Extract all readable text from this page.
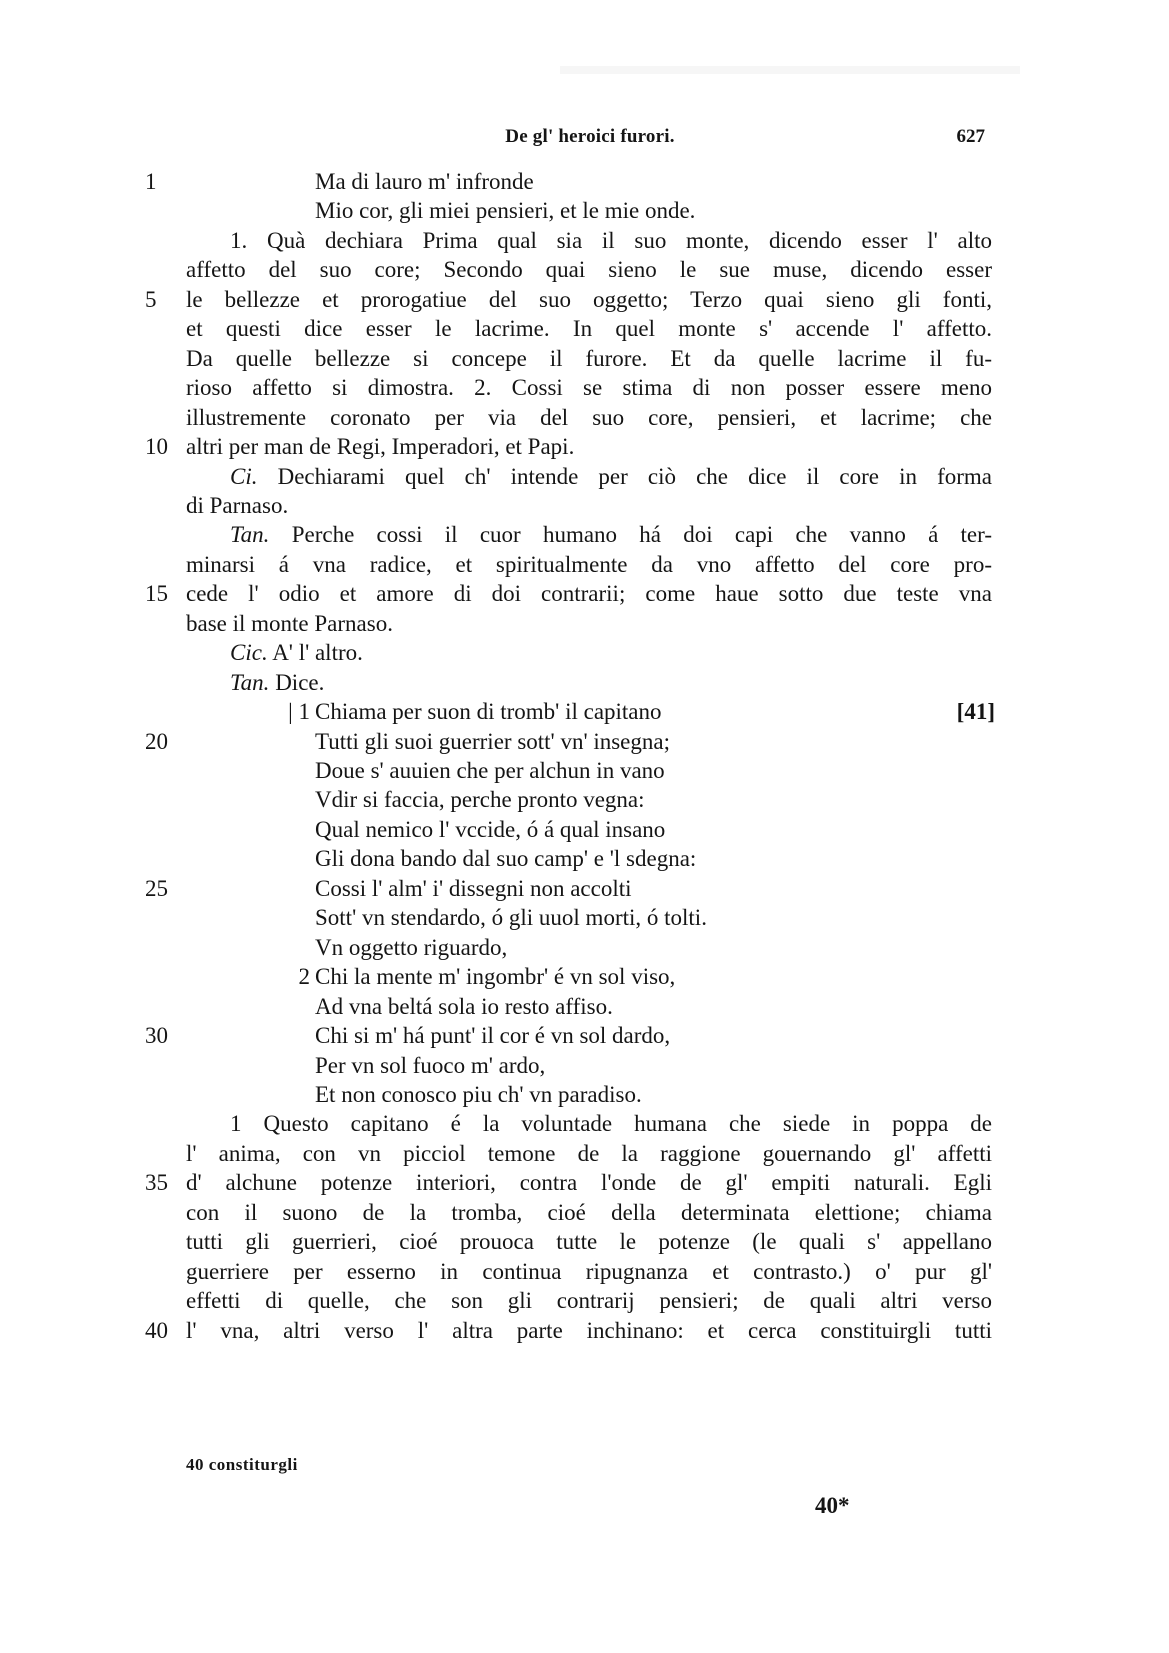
De gl' heroici furori.	627
1	Ma di lauro m' infronde
Mio cor, gli miei pensieri, et le mie onde.
1. Quà dechiara Prima qual sia il suo monte, dicendo esser l' alto
affetto del suo core; Secondo quai sieno le sue muse, dicendo esser
5	le bellezze et prorogatiue del suo oggetto; Terzo quai sieno gli fonti,
et questi dice esser le lacrime. In quel monte s' accende l' affetto.
Da quelle bellezze si concepe il furore. Et da quelle lacrime il fu-
rioso affetto si dimostra. 2. Cossi se stima di non posser essere meno
illustremente coronato per via del suo core, pensieri, et lacrime; che
10 altri per man de Regi, Imperadori, et Papi.
Ci. Dechiarami quel ch' intende per ciò che dice il core in forma
di Parnaso.
Tan. Perche cossi il cuor humano há doi capi che vanno á ter-
minarsi á vna radice, et spiritualmente da vno affetto del core pro-
15 cede l' odio et amore di doi contrarii; come haue sotto due teste vna
base il monte Parnaso.
Cic. A' l' altro.
Tan. Dice.
| 1 Chiama per suon di tromb' il capitano	[41]
20	Tutti gli suoi guerrier sott' vn' insegna;
Doue s' auuien che per alchun in vano
Vdir si faccia, perche pronto vegna:
Qual nemico l' vccide, ó á qual insano
Gli dona bando dal suo camp' e 'l sdegna:
25	Cossi l' alm' i' dissegni non accolti
Sott' vn stendardo, ó gli uuol morti, ó tolti.
Vn oggetto riguardo,
2 Chi la mente m' ingombr' é vn sol viso,
Ad vna beltá sola io resto affiso.
30	Chi si m' há punt' il cor é vn sol dardo,
Per vn sol fuoco m' ardo,
Et non conosco piu ch' vn paradiso.
1 Questo capitano é la voluntade humana che siede in poppa de
l' anima, con vn picciol temone de la raggione gouernando gl' affetti
35 d' alchune potenze interiori, contra l'onde de gl' empiti naturali. Egli
con il suono de la tromba, cioé della determinata elettione; chiama
tutti gli guerrieri, cioé prouoca tutte le potenze (le quali s' appellano
guerriere per esserno in continua ripugnanza et contrasto.) o' pur gl'
effetti di quelle, che son gli contrarij pensieri; de quali altri verso
40 l' vna, altri verso l' altra parte inchinano: et cerca constituirgli tutti
40 constiturgli
40*
